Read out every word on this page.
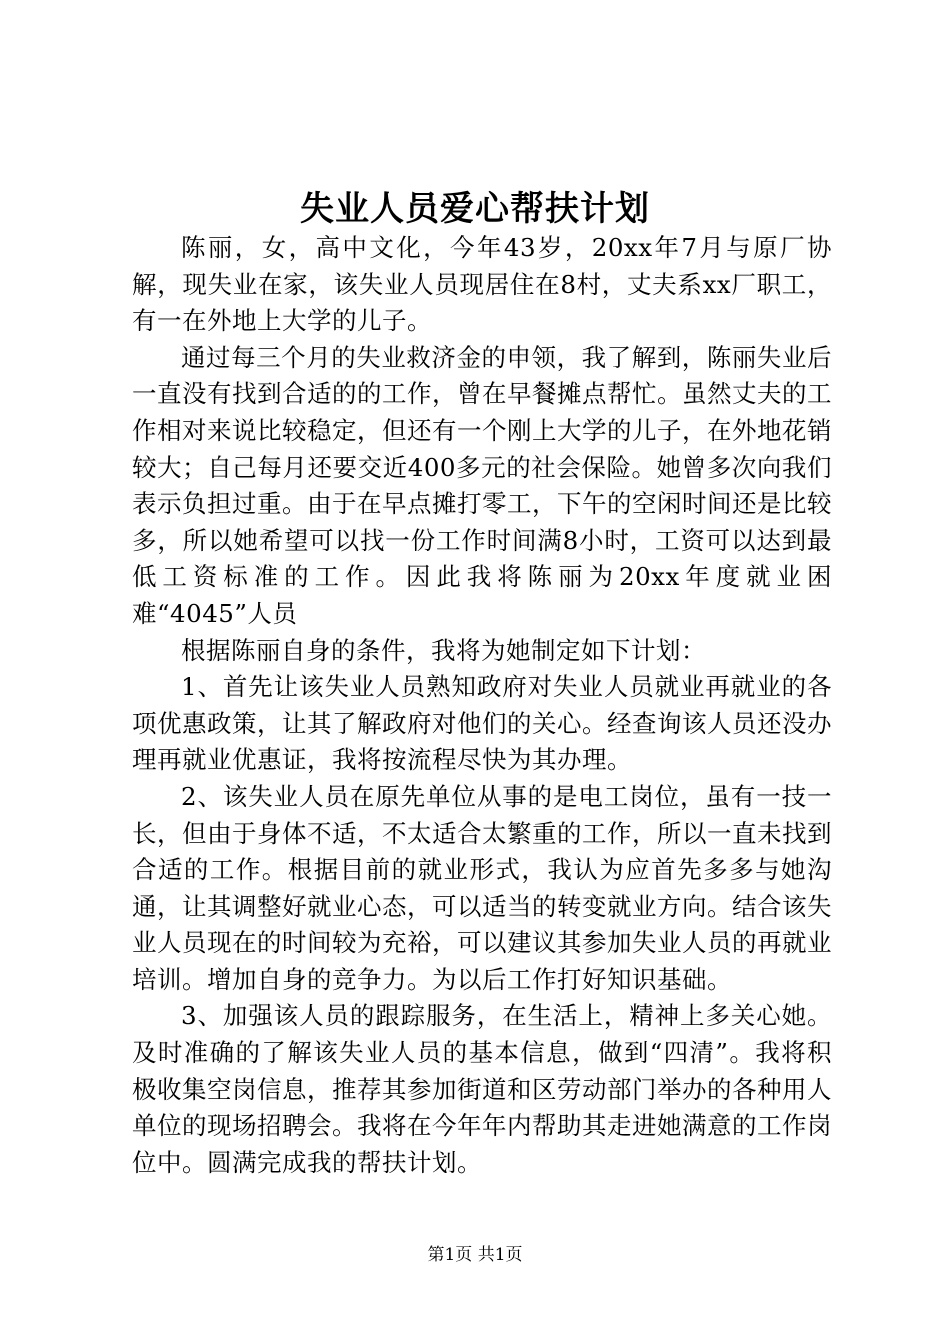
失业人员爱心帮扶计划

陈丽，女，高中文化，今年43岁，20xx年7月与原厂协解，现失业在家，该失业人员现居住在8村，丈夫系xx厂职工，有一在外地上大学的儿子。

通过每三个月的失业救济金的申领，我了解到，陈丽失业后一直没有找到合适的的工作，曾在早餐摊点帮忙。虽然丈夫的工作相对来说比较稳定，但还有一个刚上大学的儿子，在外地花销较大；自己每月还要交近400多元的社会保险。她曾多次向我们表示负担过重。由于在早点摊打零工，下午的空闲时间还是比较多，所以她希望可以找一份工作时间满8小时，工资可以达到最低工资标准的工作。因此我将陈丽为20xx年度就业困难“4045”人员

根据陈丽自身的条件，我将为她制定如下计划：

1、首先让该失业人员熟知政府对失业人员就业再就业的各项优惠政策，让其了解政府对他们的关心。经查询该人员还没办理再就业优惠证，我将按流程尽快为其办理。

2、该失业人员在原先单位从事的是电工岗位，虽有一技一长，但由于身体不适，不太适合太繁重的工作，所以一直未找到合适的工作。根据目前的就业形式，我认为应首先多多与她沟通，让其调整好就业心态，可以适当的转变就业方向。结合该失业人员现在的时间较为充裕，可以建议其参加失业人员的再就业培训。增加自身的竞争力。为以后工作打好知识基础。

3、加强该人员的跟踪服务，在生活上，精神上多关心她。及时准确的了解该失业人员的基本信息，做到“四清”。我将积极收集空岗信息，推荐其参加街道和区劳动部门举办的各种用人单位的现场招聘会。我将在今年年内帮助其走进她满意的工作岗位中。圆满完成我的帮扶计划。

第1页 共1页
